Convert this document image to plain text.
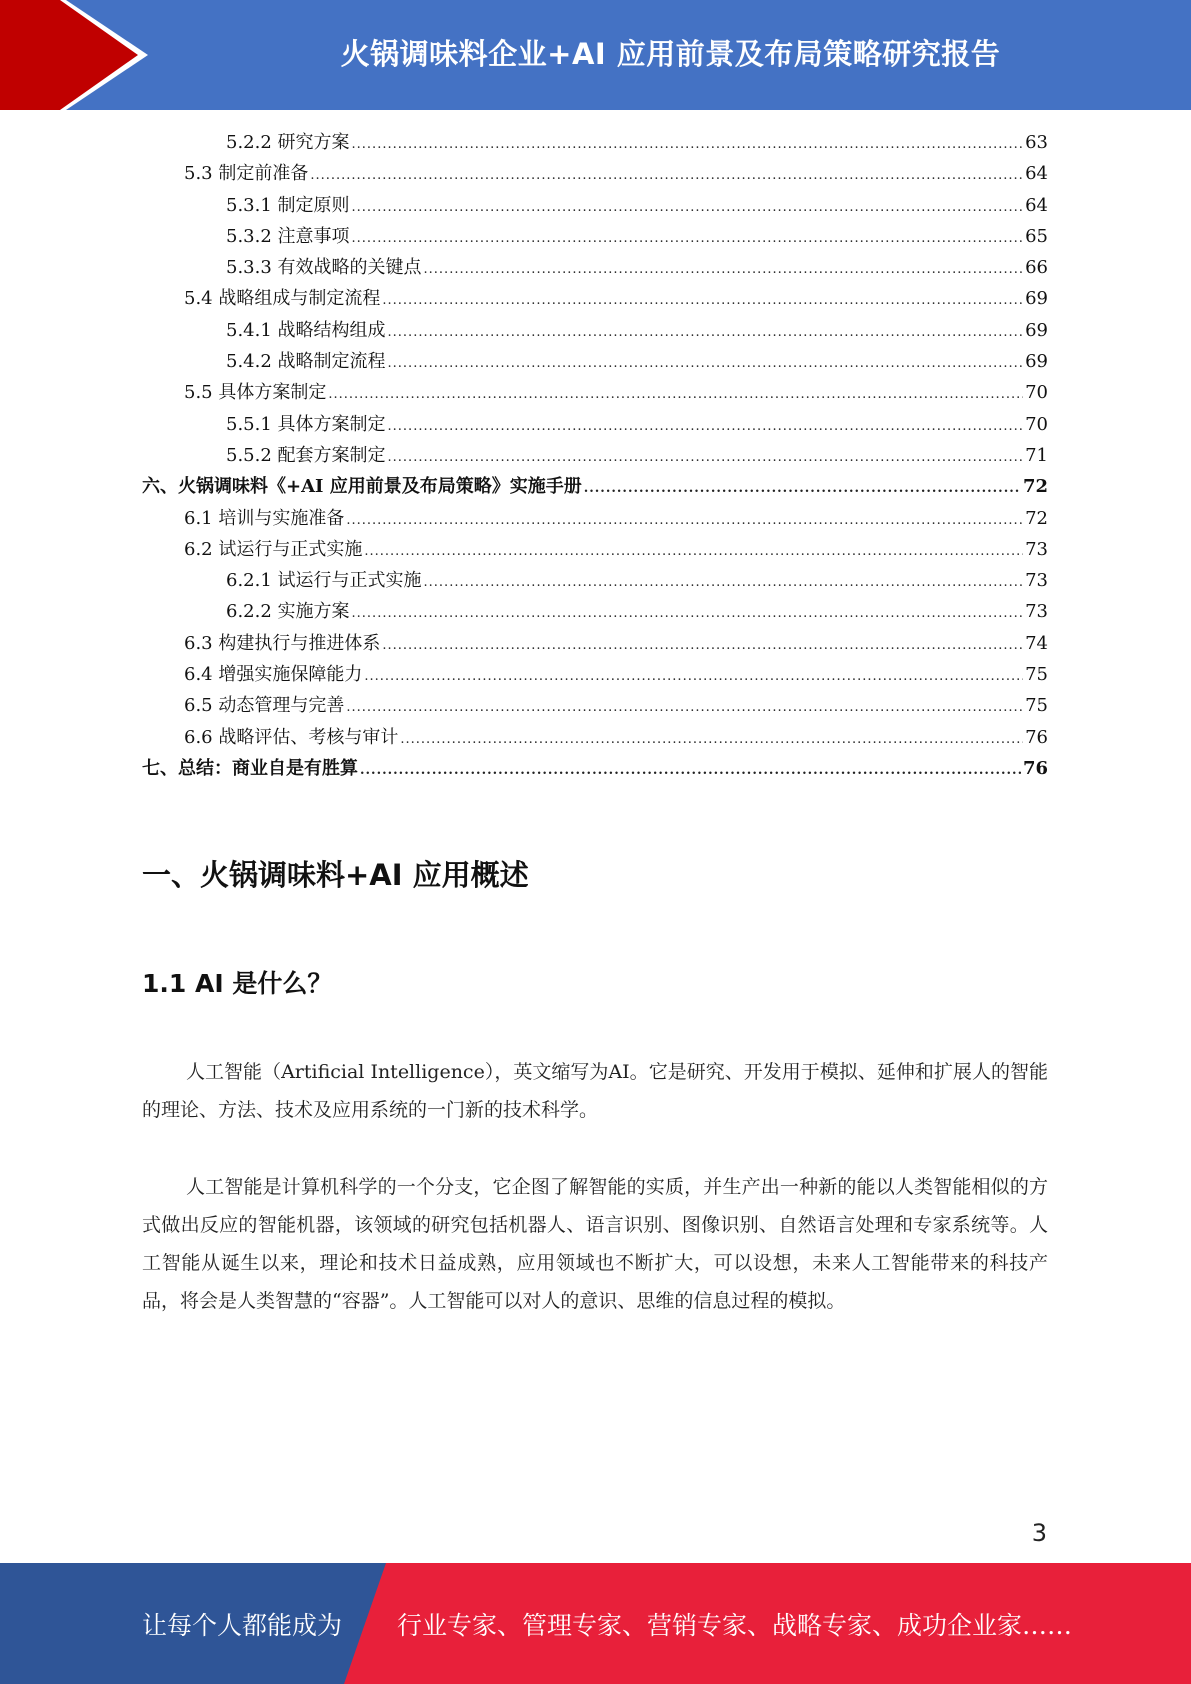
火锅调味料企业+AI 应用前景及布局策略研究报告
5.2.2 研究方案 .....	63
5.3 制定前准备 .....	64
5.3.1 制定原则 .....	64
5.3.2 注意事项 .....	65
5.3.3 有效战略的关键点 .....	66
5.4 战略组成与制定流程 .....	69
5.4.1 战略结构组成 .....	69
5.4.2 战略制定流程 .....	69
5.5 具体方案制定 .....	70
5.5.1 具体方案制定 .....	70
5.5.2 配套方案制定 .....	71
六、火锅调味料《+AI 应用前景及布局策略》实施手册 .....	72
6.1 培训与实施准备 .....	72
6.2 试运行与正式实施 .....	73
6.2.1 试运行与正式实施 .....	73
6.2.2 实施方案 .....	73
6.3 构建执行与推进体系 .....	74
6.4 增强实施保障能力 .....	75
6.5 动态管理与完善 .....	75
6.6 战略评估、考核与审计 .....	76
七、总结：商业自是有胜算 .....	76
一、火锅调味料+AI 应用概述
1.1 AI 是什么？
人工智能（Artificial Intelligence），英文缩写为AI。它是研究、开发用于模拟、延伸和扩展人的智能的理论、方法、技术及应用系统的一门新的技术科学。
人工智能是计算机科学的一个分支，它企图了解智能的实质，并生产出一种新的能以人类智能相似的方式做出反应的智能机器，该领域的研究包括机器人、语言识别、图像识别、自然语言处理和专家系统等。人工智能从诞生以来，理论和技术日益成熟，应用领域也不断扩大，可以设想，未来人工智能带来的科技产品，将会是人类智慧的“容器”。人工智能可以对人的意识、思维的信息过程的模拟。
3
让每个人都能成为 行业专家、管理专家、营销专家、战略专家、成功企业家……
